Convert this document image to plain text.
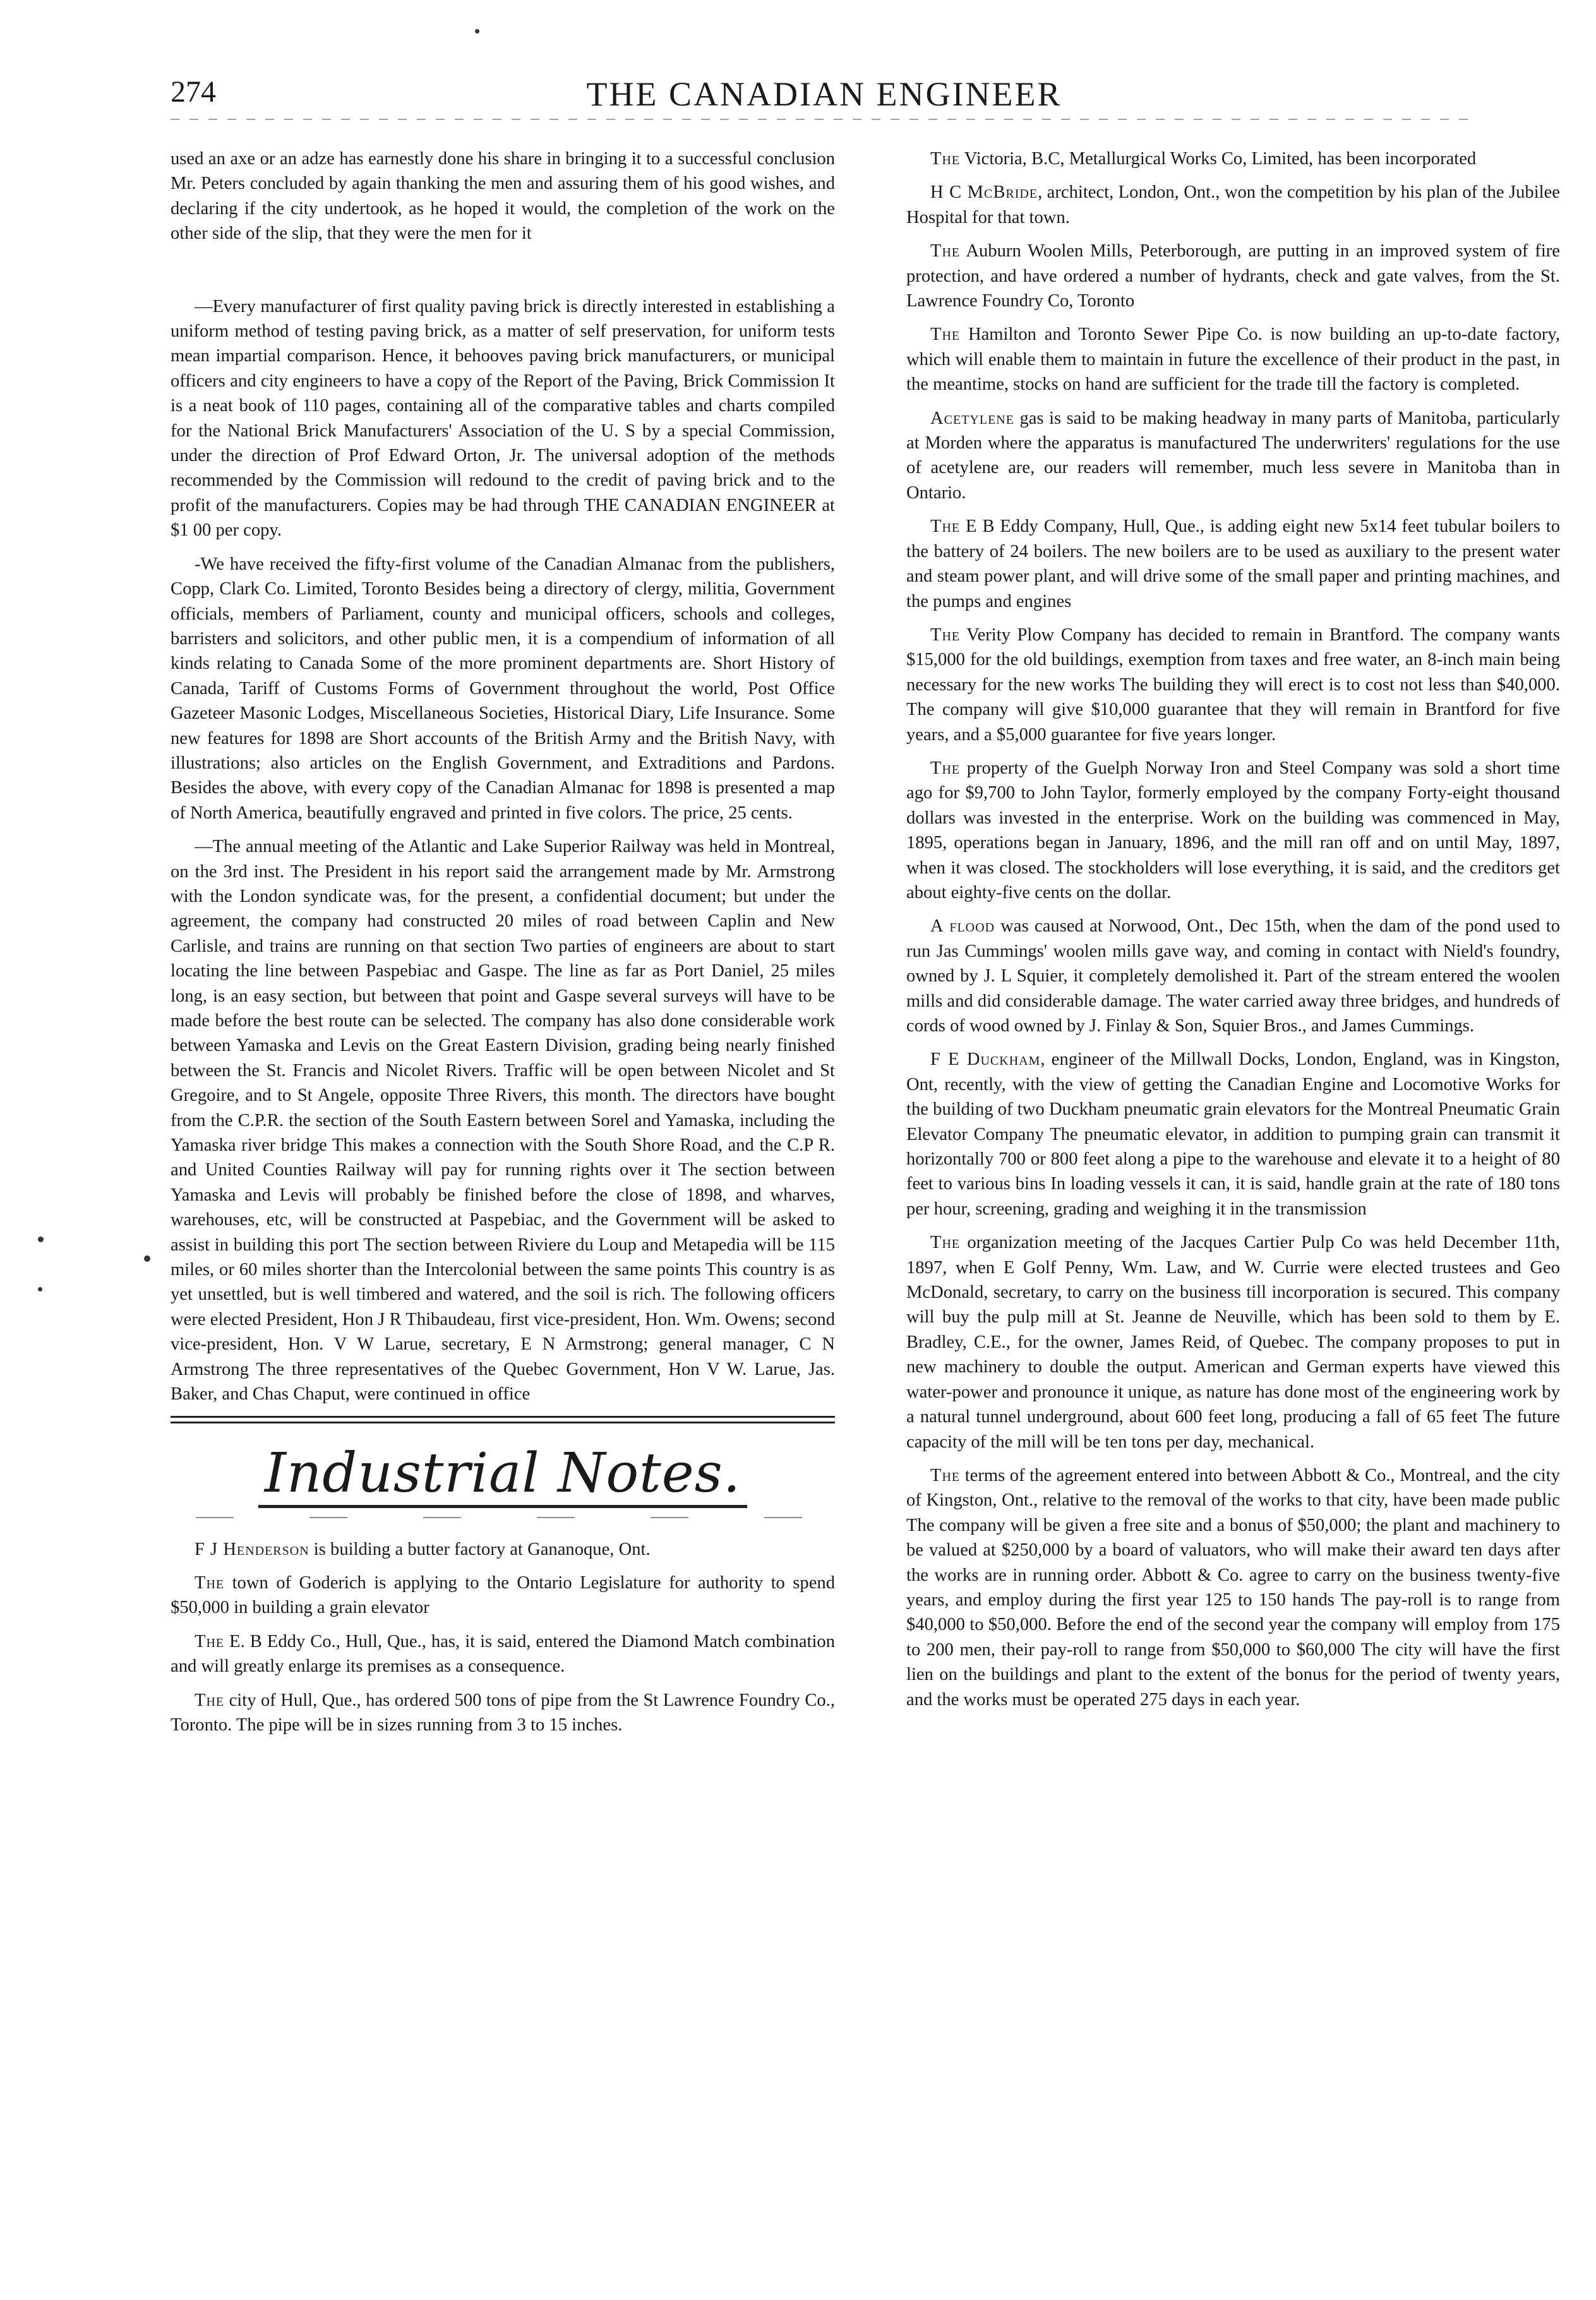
274	THE CANADIAN ENGINEER

used an axe or an adze has earnestly done his share in bringing it to a successful conclusion Mr. Peters concluded by again thanking the men and assuring them of his good wishes, and declaring if the city undertook, as he hoped it would, the completion of the work on the other side of the slip, that they were the men for it

—Every manufacturer of first quality paving brick is directly interested in establishing a uniform method of testing paving brick, as a matter of self preservation, for uniform tests mean impartial comparison. Hence, it behooves paving brick manufacturers, or municipal officers and city engineers to have a copy of the Report of the Paving, Brick Commission It is a neat book of 110 pages, containing all of the comparative tables and charts compiled for the National Brick Manufacturers' Association of the U. S by a special Commission, under the direction of Prof Edward Orton, Jr. The universal adoption of the methods recommended by the Commission will redound to the credit of paving brick and to the profit of the manufacturers. Copies may be had through THE CANADIAN ENGINEER at $1 00 per copy.

-We have received the fifty-first volume of the Canadian Almanac from the publishers, Copp, Clark Co. Limited, Toronto Besides being a directory of clergy, militia, Government officials, members of Parliament, county and municipal officers, schools and colleges, barristers and solicitors, and other public men, it is a compendium of information of all kinds relating to Canada Some of the more prominent departments are. Short History of Canada, Tariff of Customs Forms of Government throughout the world, Post Office Gazeteer Masonic Lodges, Miscellaneous Societies, Historical Diary, Life Insurance. Some new features for 1898 are Short accounts of the British Army and the British Navy, with illustrations; also articles on the English Government, and Extraditions and Pardons. Besides the above, with every copy of the Canadian Almanac for 1898 is presented a map of North America, beautifully engraved and printed in five colors. The price, 25 cents.

—The annual meeting of the Atlantic and Lake Superior Railway was held in Montreal, on the 3rd inst. The President in his report said the arrangement made by Mr. Armstrong with the London syndicate was, for the present, a confidential document; but under the agreement, the company had constructed 20 miles of road between Caplin and New Carlisle, and trains are running on that section Two parties of engineers are about to start locating the line between Paspebiac and Gaspe. The line as far as Port Daniel, 25 miles long, is an easy section, but between that point and Gaspe several surveys will have to be made before the best route can be selected. The company has also done considerable work between Yamaska and Levis on the Great Eastern Division, grading being nearly finished between the St. Francis and Nicolet Rivers. Traffic will be open between Nicolet and St Gregoire, and to St Angele, opposite Three Rivers, this month. The directors have bought from the C.P.R. the section of the South Eastern between Sorel and Yamaska, including the Yamaska river bridge This makes a connection with the South Shore Road, and the C.P R. and United Counties Railway will pay for running rights over it The section between Yamaska and Levis will probably be finished before the close of 1898, and wharves, warehouses, etc, will be constructed at Paspebiac, and the Government will be asked to assist in building this port The section between Riviere du Loup and Metapedia will be 115 miles, or 60 miles shorter than the Intercolonial between the same points This country is as yet unsettled, but is well timbered and watered, and the soil is rich. The following officers were elected President, Hon J R Thibaudeau, first vice-president, Hon. Wm. Owens; second vice-president, Hon. V W Larue, secretary, E N Armstrong; general manager, C N Armstrong The three representatives of the Quebec Government, Hon V W. Larue, Jas. Baker, and Chas Chaput, were continued in office

Industrial Notes.

F J Henderson is building a butter factory at Gananoque, Ont.

The town of Goderich is applying to the Ontario Legislature for authority to spend $50,000 in building a grain elevator

The E. B Eddy Co., Hull, Que., has, it is said, entered the Diamond Match combination and will greatly enlarge its premises as a consequence.

The city of Hull, Que., has ordered 500 tons of pipe from the St Lawrence Foundry Co., Toronto. The pipe will be in sizes running from 3 to 15 inches.

The Victoria, B.C, Metallurgical Works Co, Limited, has been incorporated

H C McBride, architect, London, Ont., won the competition by his plan of the Jubilee Hospital for that town.

The Auburn Woolen Mills, Peterborough, are putting in an improved system of fire protection, and have ordered a number of hydrants, check and gate valves, from the St. Lawrence Foundry Co, Toronto

The Hamilton and Toronto Sewer Pipe Co. is now building an up-to-date factory, which will enable them to maintain in future the excellence of their product in the past, in the meantime, stocks on hand are sufficient for the trade till the factory is completed.

Acetylene gas is said to be making headway in many parts of Manitoba, particularly at Morden where the apparatus is manufactured The underwriters' regulations for the use of acetylene are, our readers will remember, much less severe in Manitoba than in Ontario.

The E B Eddy Company, Hull, Que., is adding eight new 5x14 feet tubular boilers to the battery of 24 boilers. The new boilers are to be used as auxiliary to the present water and steam power plant, and will drive some of the small paper and printing machines, and the pumps and engines

The Verity Plow Company has decided to remain in Brantford. The company wants $15,000 for the old buildings, exemption from taxes and free water, an 8-inch main being necessary for the new works The building they will erect is to cost not less than $40,000. The company will give $10,000 guarantee that they will remain in Brantford for five years, and a $5,000 guarantee for five years longer.

The property of the Guelph Norway Iron and Steel Company was sold a short time ago for $9,700 to John Taylor, formerly employed by the company Forty-eight thousand dollars was invested in the enterprise. Work on the building was commenced in May, 1895, operations began in January, 1896, and the mill ran off and on until May, 1897, when it was closed. The stockholders will lose everything, it is said, and the creditors get about eighty-five cents on the dollar.

A flood was caused at Norwood, Ont., Dec 15th, when the dam of the pond used to run Jas Cummings' woolen mills gave way, and coming in contact with Nield's foundry, owned by J. L Squier, it completely demolished it. Part of the stream entered the woolen mills and did considerable damage. The water carried away three bridges, and hundreds of cords of wood owned by J. Finlay & Son, Squier Bros., and James Cummings.

F E Duckham, engineer of the Millwall Docks, London, England, was in Kingston, Ont, recently, with the view of getting the Canadian Engine and Locomotive Works for the building of two Duckham pneumatic grain elevators for the Montreal Pneumatic Grain Elevator Company The pneumatic elevator, in addition to pumping grain can transmit it horizontally 700 or 800 feet along a pipe to the warehouse and elevate it to a height of 80 feet to various bins In loading vessels it can, it is said, handle grain at the rate of 180 tons per hour, screening, grading and weighing it in the transmission

The organization meeting of the Jacques Cartier Pulp Co was held December 11th, 1897, when E Golf Penny, Wm. Law, and W. Currie were elected trustees and Geo McDonald, secretary, to carry on the business till incorporation is secured. This company will buy the pulp mill at St. Jeanne de Neuville, which has been sold to them by E. Bradley, C.E., for the owner, James Reid, of Quebec. The company proposes to put in new machinery to double the output. American and German experts have viewed this water-power and pronounce it unique, as nature has done most of the engineering work by a natural tunnel underground, about 600 feet long, producing a fall of 65 feet The future capacity of the mill will be ten tons per day, mechanical.

The terms of the agreement entered into between Abbott & Co., Montreal, and the city of Kingston, Ont., relative to the removal of the works to that city, have been made public The company will be given a free site and a bonus of $50,000; the plant and machinery to be valued at $250,000 by a board of valuators, who will make their award ten days after the works are in running order. Abbott & Co. agree to carry on the business twenty-five years, and employ during the first year 125 to 150 hands The pay-roll is to range from $40,000 to $50,000. Before the end of the second year the company will employ from 175 to 200 men, their pay-roll to range from $50,000 to $60,000 The city will have the first lien on the buildings and plant to the extent of the bonus for the period of twenty years, and the works must be operated 275 days in each year.
